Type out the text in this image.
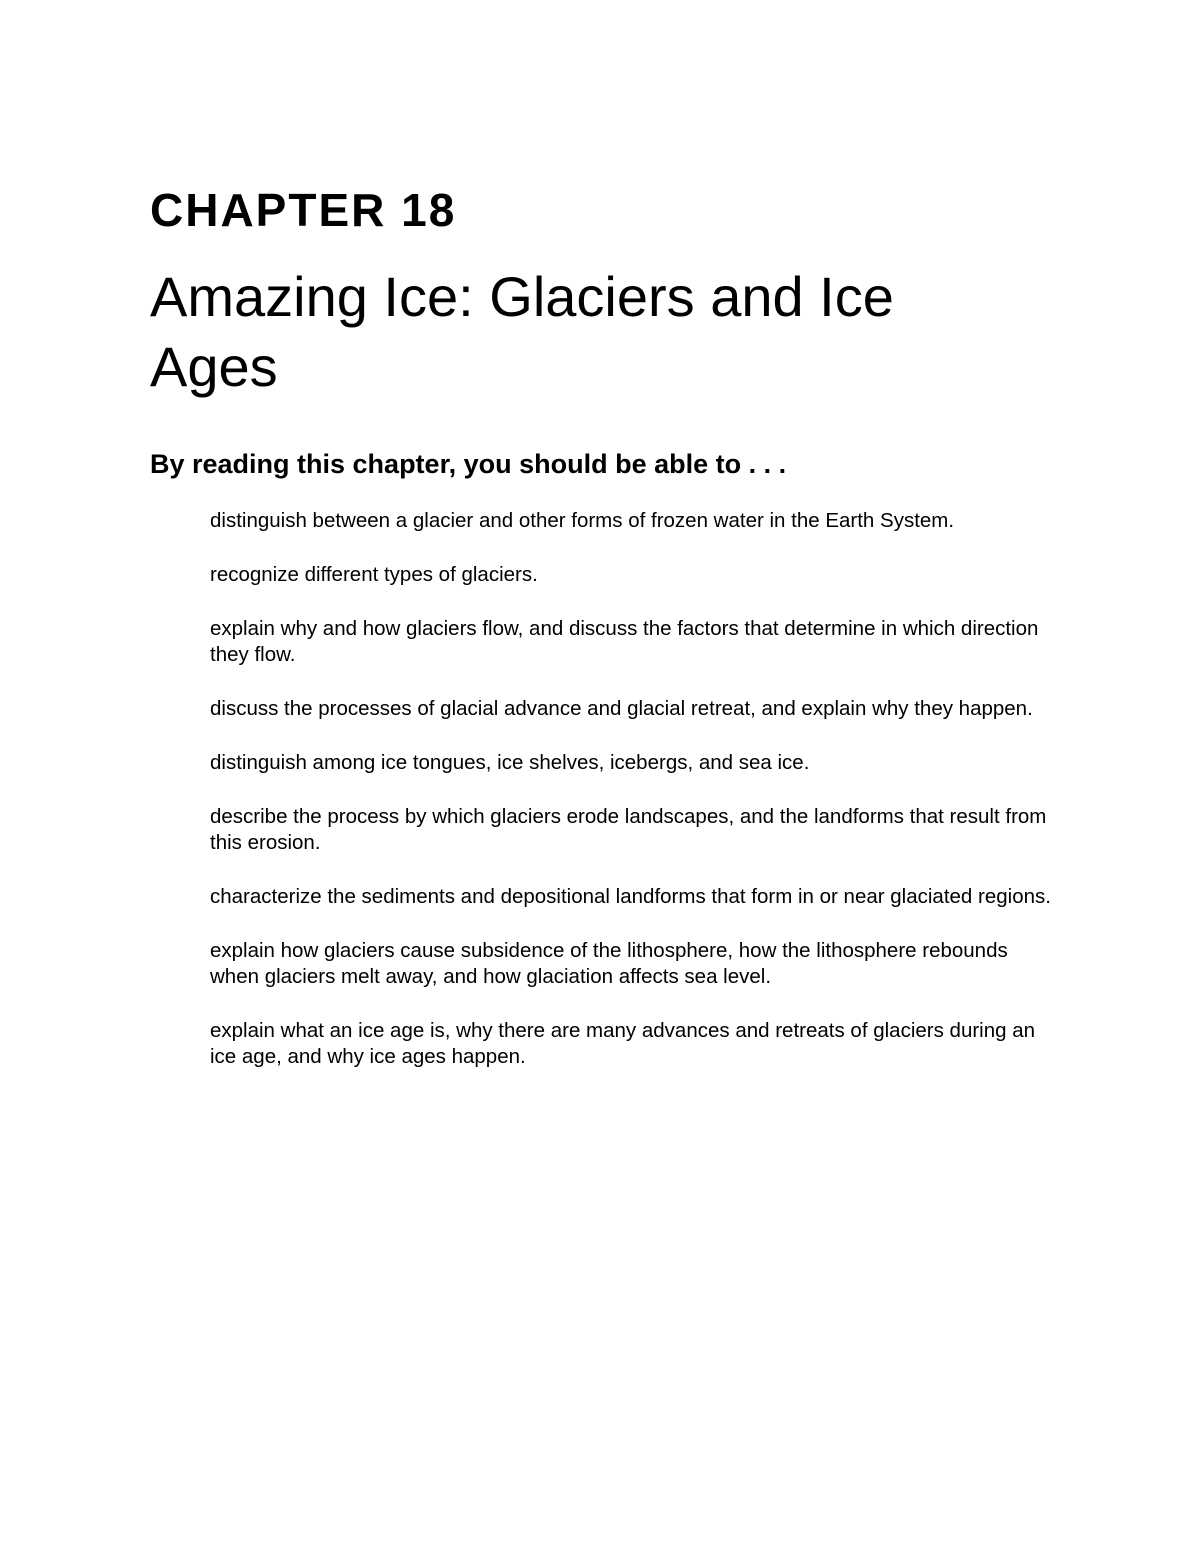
CHAPTER 18
Amazing Ice: Glaciers and Ice Ages
By reading this chapter, you should be able to . . .
distinguish between a glacier and other forms of frozen water in the Earth System.
recognize different types of glaciers.
explain why and how glaciers flow, and discuss the factors that determine in which direction they flow.
discuss the processes of glacial advance and glacial retreat, and explain why they happen.
distinguish among ice tongues, ice shelves, icebergs, and sea ice.
describe the process by which glaciers erode landscapes, and the landforms that result from this erosion.
characterize the sediments and depositional landforms that form in or near glaciated regions.
explain how glaciers cause subsidence of the lithosphere, how the lithosphere rebounds when glaciers melt away, and how glaciation affects sea level.
explain what an ice age is, why there are many advances and retreats of glaciers during an ice age, and why ice ages happen.
